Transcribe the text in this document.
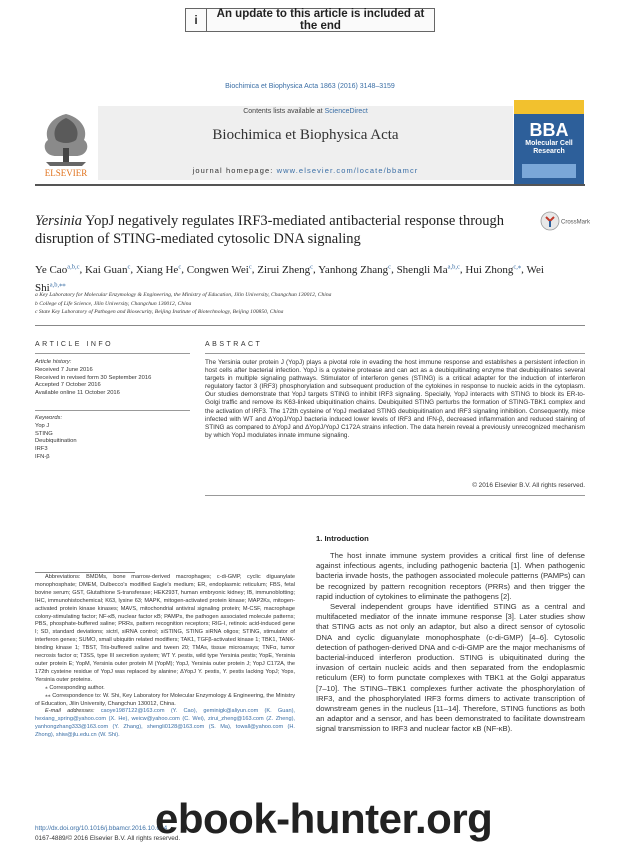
i	An update to this article is included at the end
Biochimica et Biophysica Acta 1863 (2016) 3148–3159
ELSEVIER
Contents lists available at ScienceDirect
Biochimica et Biophysica Acta
journal homepage: www.elsevier.com/locate/bbamcr
BBA
Molecular Cell Research
Yersinia YopJ negatively regulates IRF3-mediated antibacterial response through disruption of STING-mediated cytosolic DNA signaling
CrossMark
Ye Cao$^{a,b,c}$, Kai Guan$^c$, Xiang He$^c$, Congwen Wei$^c$, Zirui Zheng$^c$, Yanhong Zhang$^c$, Shengli Ma$^{a,b,c}$, Hui Zhong$^{c,⁎}$, Wei Shi$^{a,b,⁎⁎}$
a Key Laboratory for Molecular Enzymology & Engineering, the Ministry of Education, Jilin University, Changchun 130012, China
b College of Life Science, Jilin University, Changchun 130012, China
c State Key Laboratory of Pathogen and Biosecurity, Beijing Institute of Biotechnology, Beijing 100850, China
ARTICLE INFO	ABSTRACT
Article history:
Received 7 June 2016
Received in revised form 30 September 2016
Accepted 7 October 2016
Available online 11 October 2016
Keywords:
Yop J
STING
Deubiquitination
IRF3
IFN-β
The Yersinia outer protein J (YopJ) plays a pivotal role in evading the host immune response and establishes a persistent infection in host cells after bacterial infection. YopJ is a cysteine protease and can act as a deubiquitinating enzyme that deubiquitinates several targets in multiple signaling pathways. Stimulator of interferon genes (STING) is a critical adapter for the induction of interferon regulatory factor 3 (IRF3) phosphorylation and subsequent production of the cytokines in response to nucleic acids in the cytoplasm. Our studies demonstrate that YopJ targets STING to inhibit IRF3 signaling. Specially, YopJ interacts with STING to block its ER-to-Golgi traffic and remove its K63-linked ubiquitination chains. Deubiquited STING perturbs the formation of STING-TBK1 complex and the activation of IRF3. The 172th cysteine of YopJ mediated STING deubiquitination and IRF3 signaling inhibition. Consequently, mice infected with WT and ΔYopJ/YopJ bacteria induced lower levels of IRF3 and IFN-β, decreased inflammation and reduced staining of STING as compared to ΔYopJ and ΔYopJ/YopJ C172A strains infection. The data herein reveal a previously unrecognized mechanism by which YopJ modulates innate immune signaling.
© 2016 Elsevier B.V. All rights reserved.
Abbreviations: BMDMs, bone marrow-derived macrophages; c-di-GMP, cyclic diguanylate monophosphate; DMEM, Dulbecco's modified Eagle's medium; ER, endoplasmic reticulum; FBS, fetal bovine serum; GST, Glutathione S-transferase; HEK293T, human embryonic kidney; IB, immunoblotting; IHC, immunohistochemical; K63, lysine 63; MAPK, mitogen-activated protein kinase; MAP2Ks, mitogen-activated protein kinase kinases; MAVS, mitochondrial antiviral signaling protein; M-CSF, macrophage colony-stimulating factor; NF-κB, nuclear factor κB; PAMPs, the pathogen associated molecule patterns; PBS, phosphate-buffered saline; PRRs, pattern recognition receptors; RIG-I, retinoic acid-induced gene I; SD, standard deviations; sictrl, siRNA control; siSTING, STING siRNA oligos; STING, stimulator of interferon genes; SUMO, small ubiquitin related modifiers; TAK1, TGFβ-activated kinase 1; TBK1, TANK-binding kinase 1; TBST, Tris-buffered saline and tween 20; TMAs, tissue microarrays; TNFα, tumor necrosis factor α; T3SS, type III secretion system; WT Y. pestis, wild type Yersinia pestis; YopE, Yersinia outer protein E; YopM, Yersinia outer protein M (YopM); YopJ, Yersinia outer protein J; YopJ C172A, the 172th cysteine residue of YopJ was replaced by alanine; ΔYopJ Y. pestis, Y. pestis lacking YopJ; Yops, Yersinia outer proteins.
⁎ Corresponding author.
⁎⁎ Correspondence to: W. Shi, Key Laboratory for Molecular Enzymology & Engineering, the Ministry of Education, Jilin University, Changchun 130012, China.
E-mail addresses: caoye1987122@163.com (Y. Cao), geminigk@aliyun.com (K. Guan), hexiang_spring@yahoo.com (X. He), weicw@yahoo.com (C. Wei), zirui_zheng@163.com (Z. Zheng), yanhongzhang333@163.com (Y. Zhang), shengli0128@163.com (S. Ma), towall@yahoo.com (H. Zhong), shiw@jlu.edu.cn (W. Shi).
http://dx.doi.org/10.1016/j.bbamcr.2016.10.004
0167-4889/© 2016 Elsevier B.V. All rights reserved.
1. Introduction

The host innate immune system provides a critical first line of defense against infectious agents, including pathogenic bacteria [1]. When pathogenic bacteria invade hosts, the pathogen associated molecule patterns (PAMPs) can be recognized by pattern recognition receptors (PRRs) and then trigger the rapid induction of cytokines to eliminate the pathogens [2].

Several independent groups have identified STING as a central and multifaceted mediator of the innate immune response [3]. Later studies show that STING acts as not only an adaptor, but also a direct sensor of cytosolic DNA and cyclic diguanylate monophosphate (c-di-GMP) [4–6]. Cytosolic detection of pathogen-derived DNA and c-di-GMP are the major mechanisms of bacterial-induced interferon production. STING is ubiquitinated during the invasion of certain nucleic acids and then separated from the endoplasmic reticulum (ER) to form punctate complexes with TBK1 at the Golgi apparatus [7–10]. The STING–TBK1 complexes further activate the phosphorylation of IRF3, and the phosphorylated IRF3 forms dimers to activate transcription of downstream genes in the nucleus [11–14]. Therefore, STING functions as both an adaptor and a sensor, and has been demonstrated to facilitate downstream signal transmission to IRF3 and nuclear factor κB (NF-κB).

ebook-hunter.org
